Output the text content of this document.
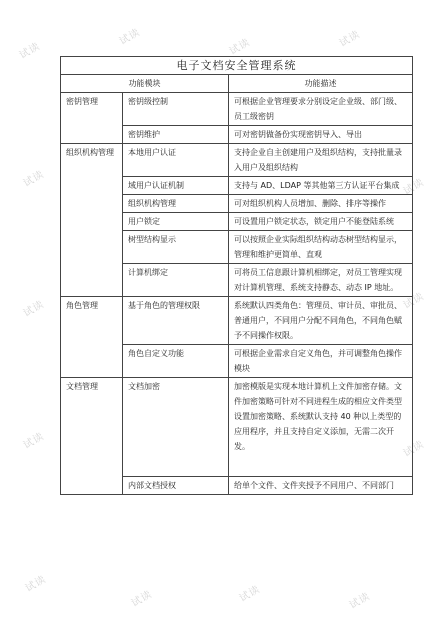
试读
试读	试读	试读
试读	试读
试读	试读
试读	试读
试读
试读	试读	试读
电子文档安全管理系统		
功能模块		功能描述
密钥管理	密钥级控制	可根据企业管理要求分别设定企业级、部门级、员工级密钥
	密钥维护	可对密钥做备份实现密钥导入、导出
组织机构管理	本地用户认证	支持企业自主创建用户及组织结构，支持批量录入用户及组织结构
	域用户认证机制	支持与 AD、LDAP 等其他第三方认证平台集成
	组织机构管理	可对组织机构人员增加、删除、排序等操作
	用户锁定	可设置用户锁定状态，锁定用户不能登陆系统
	树型结构显示	可以按照企业实际组织结构动态树型结构显示，管理和维护更简单、直观
	计算机绑定	可将员工信息跟计算机相绑定，对员工管理实现对计算机管理、系统支持静态、动态 IP 地址。
角色管理	基于角色的管理权限	系统默认四类角色：管理员、审计员、审批员、普通用户，不同用户分配不同角色，不同角色赋予不同操作权限。
	角色自定义功能	可根据企业需求自定义角色，并可调整角色操作模块
文档管理	文档加密	加密模版是实现本地计算机上文件加密存储。文件加密策略可针对不同进程生成的相应文件类型设置加密策略、系统默认支持 40 种以上类型的应用程序，并且支持自定义添加，无需二次开发。
	内部文档授权	给单个文件、文件夹授予不同用户、不同部门
